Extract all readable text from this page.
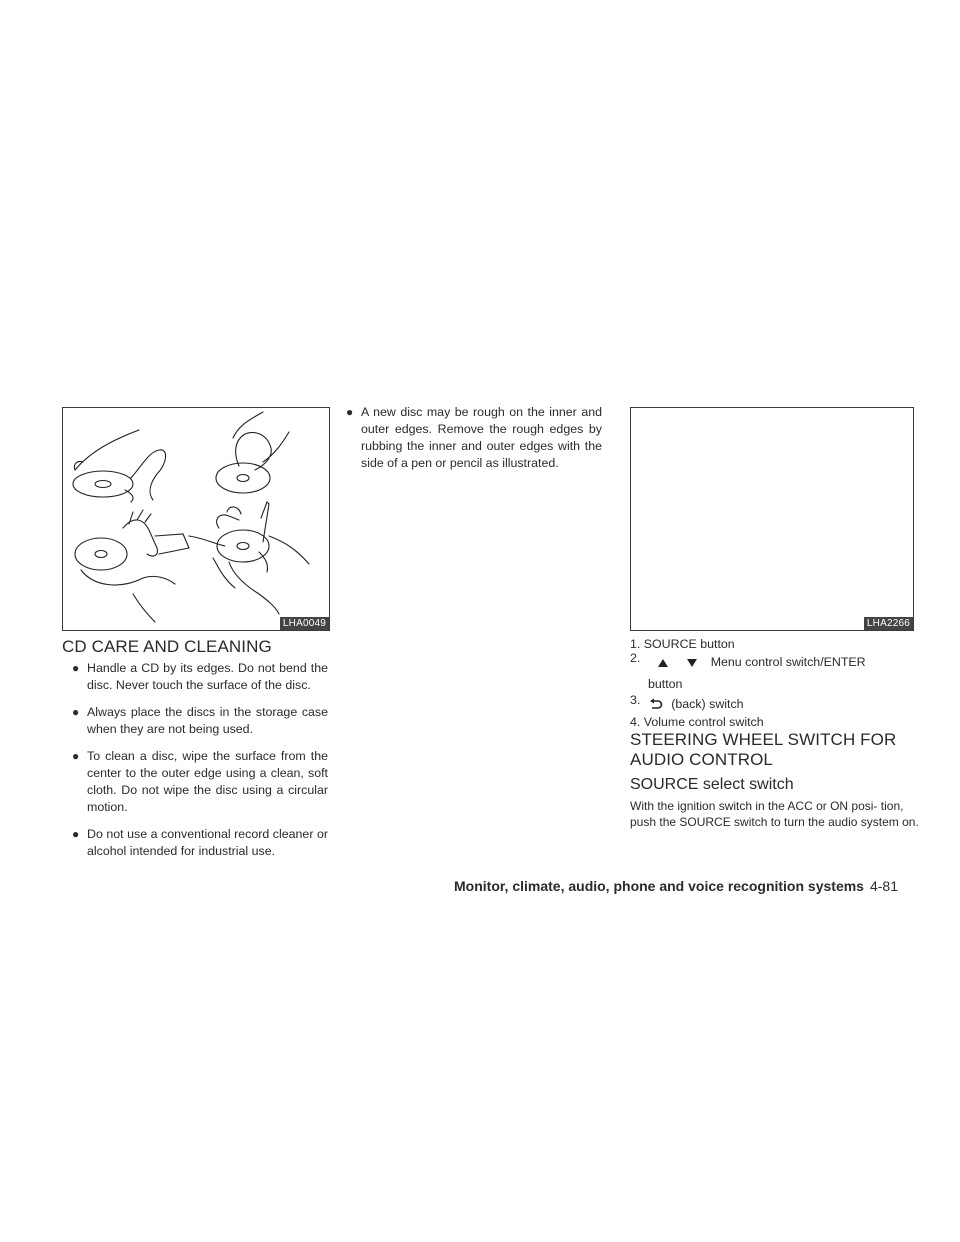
LHA0049	LHA2266
CD CARE AND CLEANING
● Handle a CD by its edges. Do not bend the disc. Never touch the surface of the disc.
● Always place the discs in the storage case when they are not being used.
● To clean a disc, wipe the surface from the center to the outer edge using a clean, soft cloth. Do not wipe the disc using a circular motion.
● Do not use a conventional record cleaner or alcohol intended for industrial use.
● A new disc may be rough on the inner and outer edges. Remove the rough edges by rubbing the inner and outer edges with the side of a pen or pencil as illustrated.
1. SOURCE button
2.	Menu control switch/ENTER
button
3. (back) switch
4. Volume control switch
STEERING WHEEL SWITCH FOR
AUDIO CONTROL
SOURCE select switch

With the ignition switch in the ACC or ON posi- tion, push the SOURCE switch to turn the audio system on.

Monitor, climate, audio, phone and voice recognition systems 4-81
